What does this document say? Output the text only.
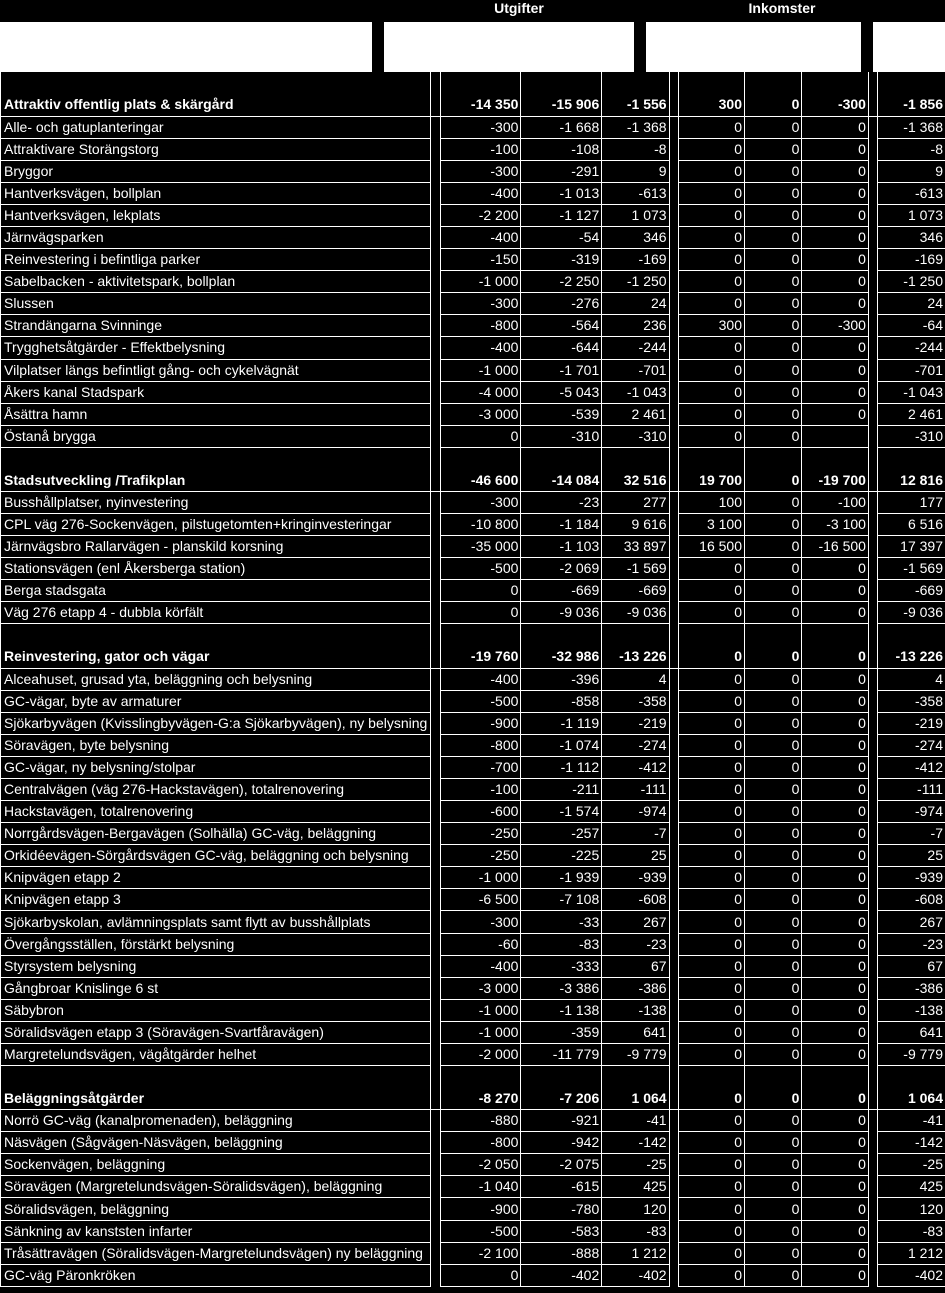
Utgifter	Inkomster

Attraktiv offentlig plats & skärgård		-14 350	-15 906	-1 556		300	0	-300		-1 856
Alle- och gatuplanteringar		-300	-1 668	-1 368		0	0	0		-1 368
Attraktivare Storängstorg		-100	-108	-8		0	0	0		-8
Bryggor		-300	-291	9		0	0	0		9
Hantverksvägen, bollplan		-400	-1 013	-613		0	0	0		-613
Hantverksvägen, lekplats		-2 200	-1 127	1 073		0	0	0		1 073
Järnvägsparken		-400	-54	346		0	0	0		346
Reinvestering i befintliga parker		-150	-319	-169		0	0	0		-169
Sabelbacken - aktivitetspark, bollplan		-1 000	-2 250	-1 250		0	0	0		-1 250
Slussen		-300	-276	24		0	0	0		24
Strandängarna Svinninge		-800	-564	236		300	0	-300		-64
Trygghetsåtgärder - Effektbelysning		-400	-644	-244		0	0	0		-244
Vilplatser längs befintligt gång- och cykelvägnät		-1 000	-1 701	-701		0	0	0		-701
Åkers kanal Stadspark		-4 000	-5 043	-1 043		0	0	0		-1 043
Åsättra hamn		-3 000	-539	2 461		0	0	0		2 461
Östanå brygga		0	-310	-310		0	0			-310

Stadsutveckling /Trafikplan		-46 600	-14 084	32 516		19 700	0	-19 700		12 816
Busshållplatser, nyinvestering		-300	-23	277		100	0	-100		177
CPL väg 276-Sockenvägen, pilstugetomten+kringinvesteringar		-10 800	-1 184	9 616		3 100	0	-3 100		6 516
Järnvägsbro Rallarvägen - planskild korsning		-35 000	-1 103	33 897		16 500	0	-16 500		17 397
Stationsvägen (enl Åkersberga station)		-500	-2 069	-1 569		0	0	0		-1 569
Berga stadsgata		0	-669	-669		0	0	0		-669
Väg 276 etapp 4 - dubbla körfält		0	-9 036	-9 036		0	0	0		-9 036

Reinvestering, gator och vägar		-19 760	-32 986	-13 226		0	0	0		-13 226
Alceahuset, grusad yta, beläggning och belysning		-400	-396	4		0	0	0		4
GC-vägar, byte av armaturer		-500	-858	-358		0	0	0		-358
Sjökarbyvägen (Kvisslingbyvägen-G:a Sjökarbyvägen), ny belysning		-900	-1 119	-219		0	0	0		-219
Söravägen, byte belysning		-800	-1 074	-274		0	0	0		-274
GC-vägar, ny belysning/stolpar		-700	-1 112	-412		0	0	0		-412
Centralvägen (väg 276-Hackstavägen), totalrenovering		-100	-211	-111		0	0	0		-111
Hackstavägen, totalrenovering		-600	-1 574	-974		0	0	0		-974
Norrgårdsvägen-Bergavägen (Solhälla) GC-väg, beläggning		-250	-257	-7		0	0	0		-7
Orkidéevägen-Sörgårdsvägen GC-väg, beläggning och belysning		-250	-225	25		0	0	0		25
Knipvägen etapp 2		-1 000	-1 939	-939		0	0	0		-939
Knipvägen etapp 3		-6 500	-7 108	-608		0	0	0		-608
Sjökarbyskolan, avlämningsplats samt flytt av busshållplats		-300	-33	267		0	0	0		267
Övergångsställen, förstärkt belysning		-60	-83	-23		0	0	0		-23
Styrsystem belysning		-400	-333	67		0	0	0		67
Gångbroar Knislinge 6 st		-3 000	-3 386	-386		0	0	0		-386
Säbybron		-1 000	-1 138	-138		0	0	0		-138
Söralidsvägen etapp 3 (Söravägen-Svartfåravägen)		-1 000	-359	641		0	0	0		641
Margretelundsvägen, vägåtgärder helhet		-2 000	-11 779	-9 779		0	0	0		-9 779

Beläggningsåtgärder		-8 270	-7 206	1 064		0	0	0		1 064
Norrö GC-väg (kanalpromenaden), beläggning		-880	-921	-41		0	0	0		-41
Näsvägen (Sågvägen-Näsvägen, beläggning		-800	-942	-142		0	0	0		-142
Sockenvägen, beläggning		-2 050	-2 075	-25		0	0	0		-25
Söravägen (Margretelundsvägen-Söralidsvägen), beläggning		-1 040	-615	425		0	0	0		425
Söralidsvägen, beläggning		-900	-780	120		0	0	0		120
Sänkning av kanststen infarter		-500	-583	-83		0	0	0		-83
Tråsättravägen (Söralidsvägen-Margretelundsvägen) ny beläggning		-2 100	-888	1 212		0	0	0		1 212
GC-väg Päronkröken		0	-402	-402		0	0	0		-402
